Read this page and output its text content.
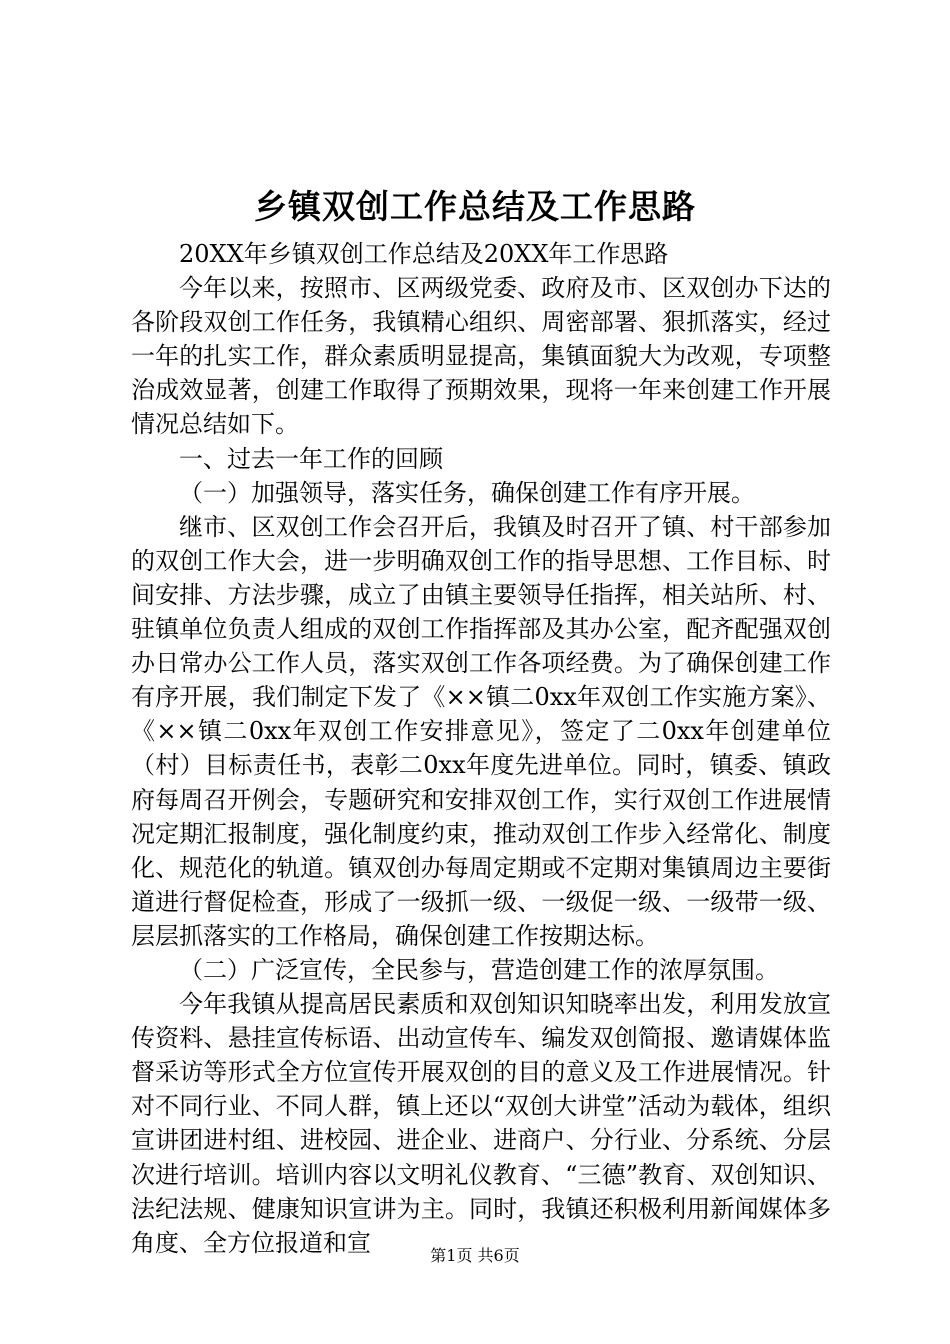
乡镇双创工作总结及工作思路

20XX年乡镇双创工作总结及20XX年工作思路

今年以来，按照市、区两级党委、政府及市、区双创办下达的各阶段双创工作任务，我镇精心组织、周密部署、狠抓落实，经过一年的扎实工作，群众素质明显提高，集镇面貌大为改观，专项整治成效显著，创建工作取得了预期效果，现将一年来创建工作开展情况总结如下。

一、过去一年工作的回顾

（一）加强领导，落实任务，确保创建工作有序开展。

继市、区双创工作会召开后，我镇及时召开了镇、村干部参加的双创工作大会，进一步明确双创工作的指导思想、工作目标、时间安排、方法步骤，成立了由镇主要领导任指挥，相关站所、村、驻镇单位负责人组成的双创工作指挥部及其办公室，配齐配强双创办日常办公工作人员，落实双创工作各项经费。为了确保创建工作有序开展，我们制定下发了《××镇二0xx年双创工作实施方案》、《××镇二0xx年双创工作安排意见》，签定了二0xx年创建单位（村）目标责任书，表彰二0xx年度先进单位。同时，镇委、镇政府每周召开例会，专题研究和安排双创工作，实行双创工作进展情况定期汇报制度，强化制度约束，推动双创工作步入经常化、制度化、规范化的轨道。镇双创办每周定期或不定期对集镇周边主要街道进行督促检查，形成了一级抓一级、一级促一级、一级带一级、层层抓落实的工作格局，确保创建工作按期达标。

（二）广泛宣传，全民参与，营造创建工作的浓厚氛围。

今年我镇从提高居民素质和双创知识知晓率出发，利用发放宣传资料、悬挂宣传标语、出动宣传车、编发双创简报、邀请媒体监督采访等形式全方位宣传开展双创的目的意义及工作进展情况。针对不同行业、不同人群，镇上还以“双创大讲堂”活动为载体，组织宣讲团进村组、进校园、进企业、进商户、分行业、分系统、分层次进行培训。培训内容以文明礼仪教育、“三德”教育、双创知识、法纪法规、健康知识宣讲为主。同时，我镇还积极利用新闻媒体多角度、全方位报道和宣	第1页 共6页
